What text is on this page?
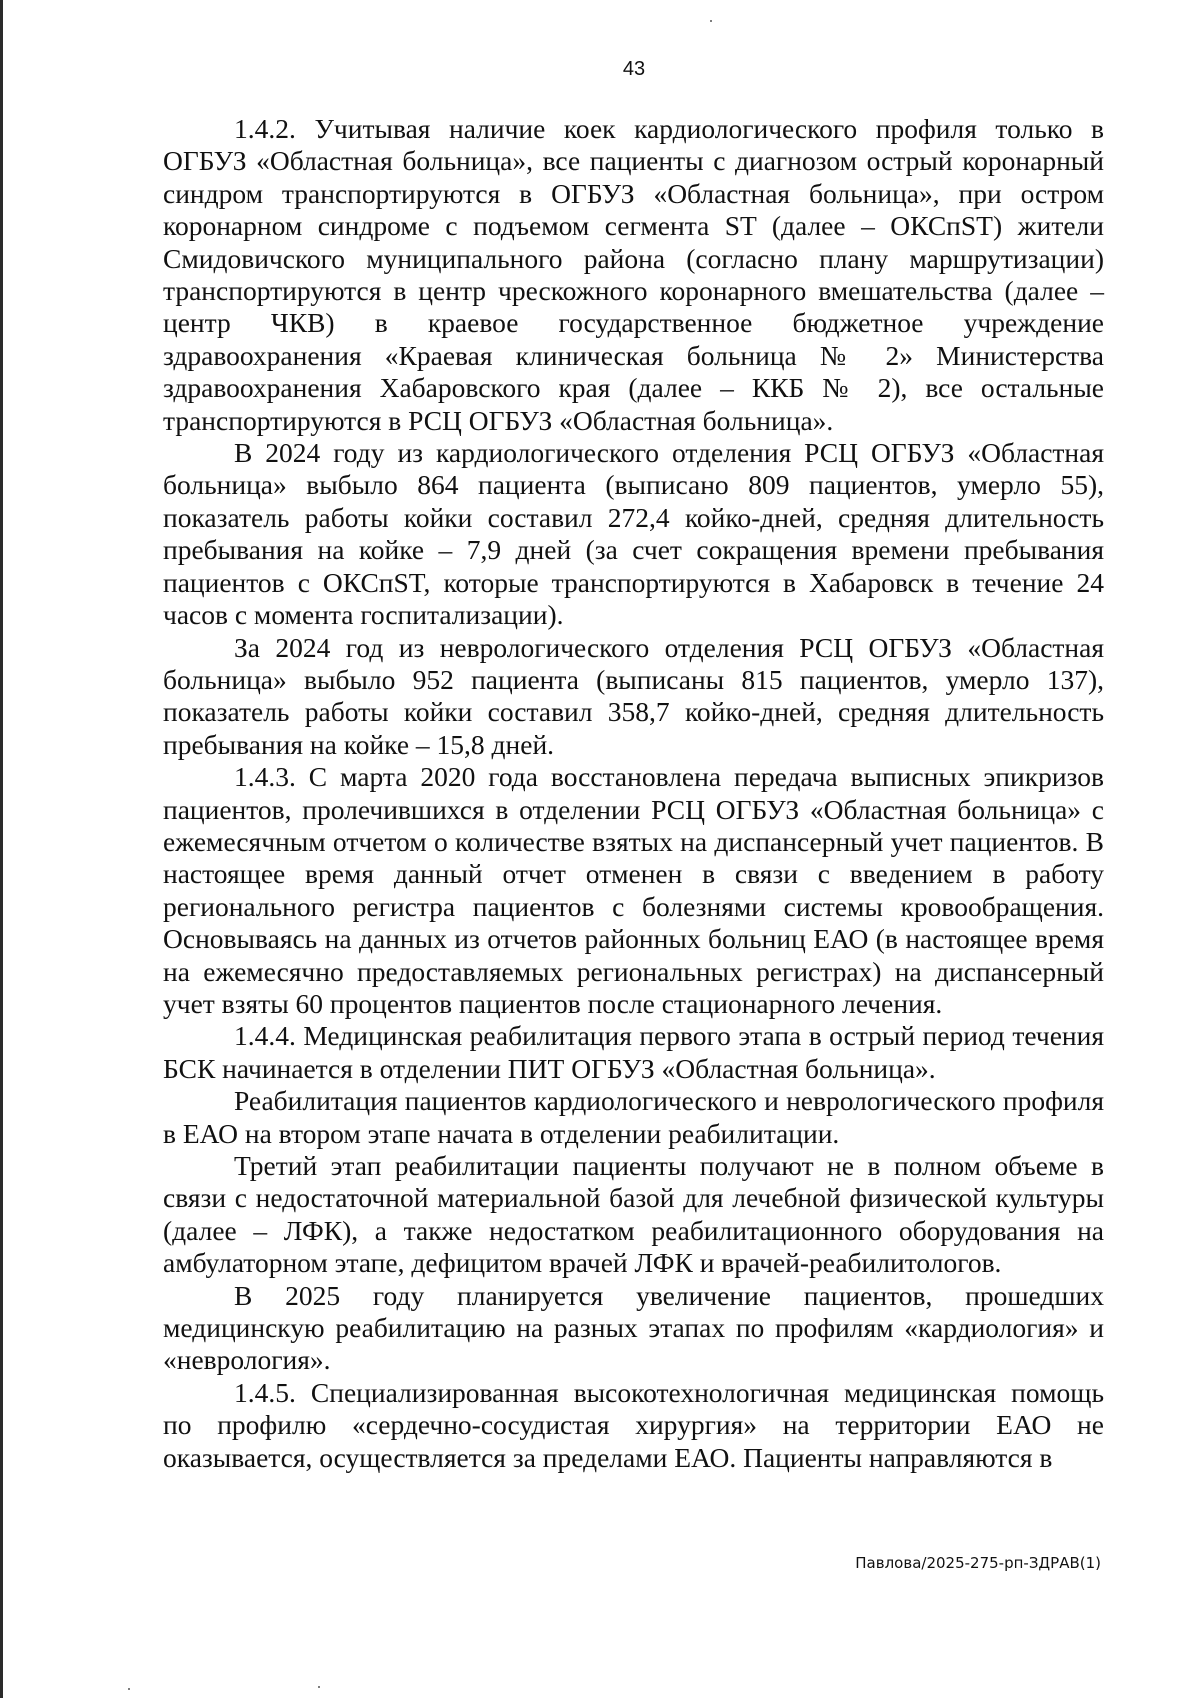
43

1.4.2. Учитывая наличие коек кардиологического профиля только в ОГБУЗ «Областная больница», все пациенты с диагнозом острый коронарный синдром транспортируются в ОГБУЗ «Областная больница», при остром коронарном синдроме с подъемом сегмента ST (далее – ОКСпST) жители Смидовичского муниципального района (согласно плану маршрутизации) транспортируются в центр чрескожного коронарного вмешательства (далее – центр ЧКВ) в краевое государственное бюджетное учреждение здравоохранения «Краевая клиническая больница № 2» Министерства здравоохранения Хабаровского края (далее – ККБ № 2), все остальные транспортируются в РСЦ ОГБУЗ «Областная больница».

В 2024 году из кардиологического отделения РСЦ ОГБУЗ «Областная больница» выбыло 864 пациента (выписано 809 пациентов, умерло 55), показатель работы койки составил 272,4 койко-дней, средняя длительность пребывания на койке – 7,9 дней (за счет сокращения времени пребывания пациентов с ОКСпST, которые транспортируются в Хабаровск в течение 24 часов с момента госпитализации).

За 2024 год из неврологического отделения РСЦ ОГБУЗ «Областная больница» выбыло 952 пациента (выписаны 815 пациентов, умерло 137), показатель работы койки составил 358,7 койко-дней, средняя длительность пребывания на койке – 15,8 дней.

1.4.3. С марта 2020 года восстановлена передача выписных эпикризов пациентов, пролечившихся в отделении РСЦ ОГБУЗ «Областная больница» с ежемесячным отчетом о количестве взятых на диспансерный учет пациентов. В настоящее время данный отчет отменен в связи с введением в работу регионального регистра пациентов с болезнями системы кровообращения. Основываясь на данных из отчетов районных больниц ЕАО (в настоящее время на ежемесячно предоставляемых региональных регистрах) на диспансерный учет взяты 60 процентов пациентов после стационарного лечения.

1.4.4. Медицинская реабилитация первого этапа в острый период течения БСК начинается в отделении ПИТ ОГБУЗ «Областная больница».

Реабилитация пациентов кардиологического и неврологического профиля в ЕАО на втором этапе начата в отделении реабилитации.

Третий этап реабилитации пациенты получают не в полном объеме в связи с недостаточной материальной базой для лечебной физической культуры (далее – ЛФК), а также недостатком реабилитационного оборудования на амбулаторном этапе, дефицитом врачей ЛФК и врачей-реабилитологов.

В 2025 году планируется увеличение пациентов, прошедших медицинскую реабилитацию на разных этапах по профилям «кардиология» и «неврология».

1.4.5. Специализированная высокотехнологичная медицинская помощь по профилю «сердечно-сосудистая хирургия» на территории ЕАО не оказывается, осуществляется за пределами ЕАО. Пациенты направляются в

Павлова/2025-275-рп-ЗДРАВ(1)
